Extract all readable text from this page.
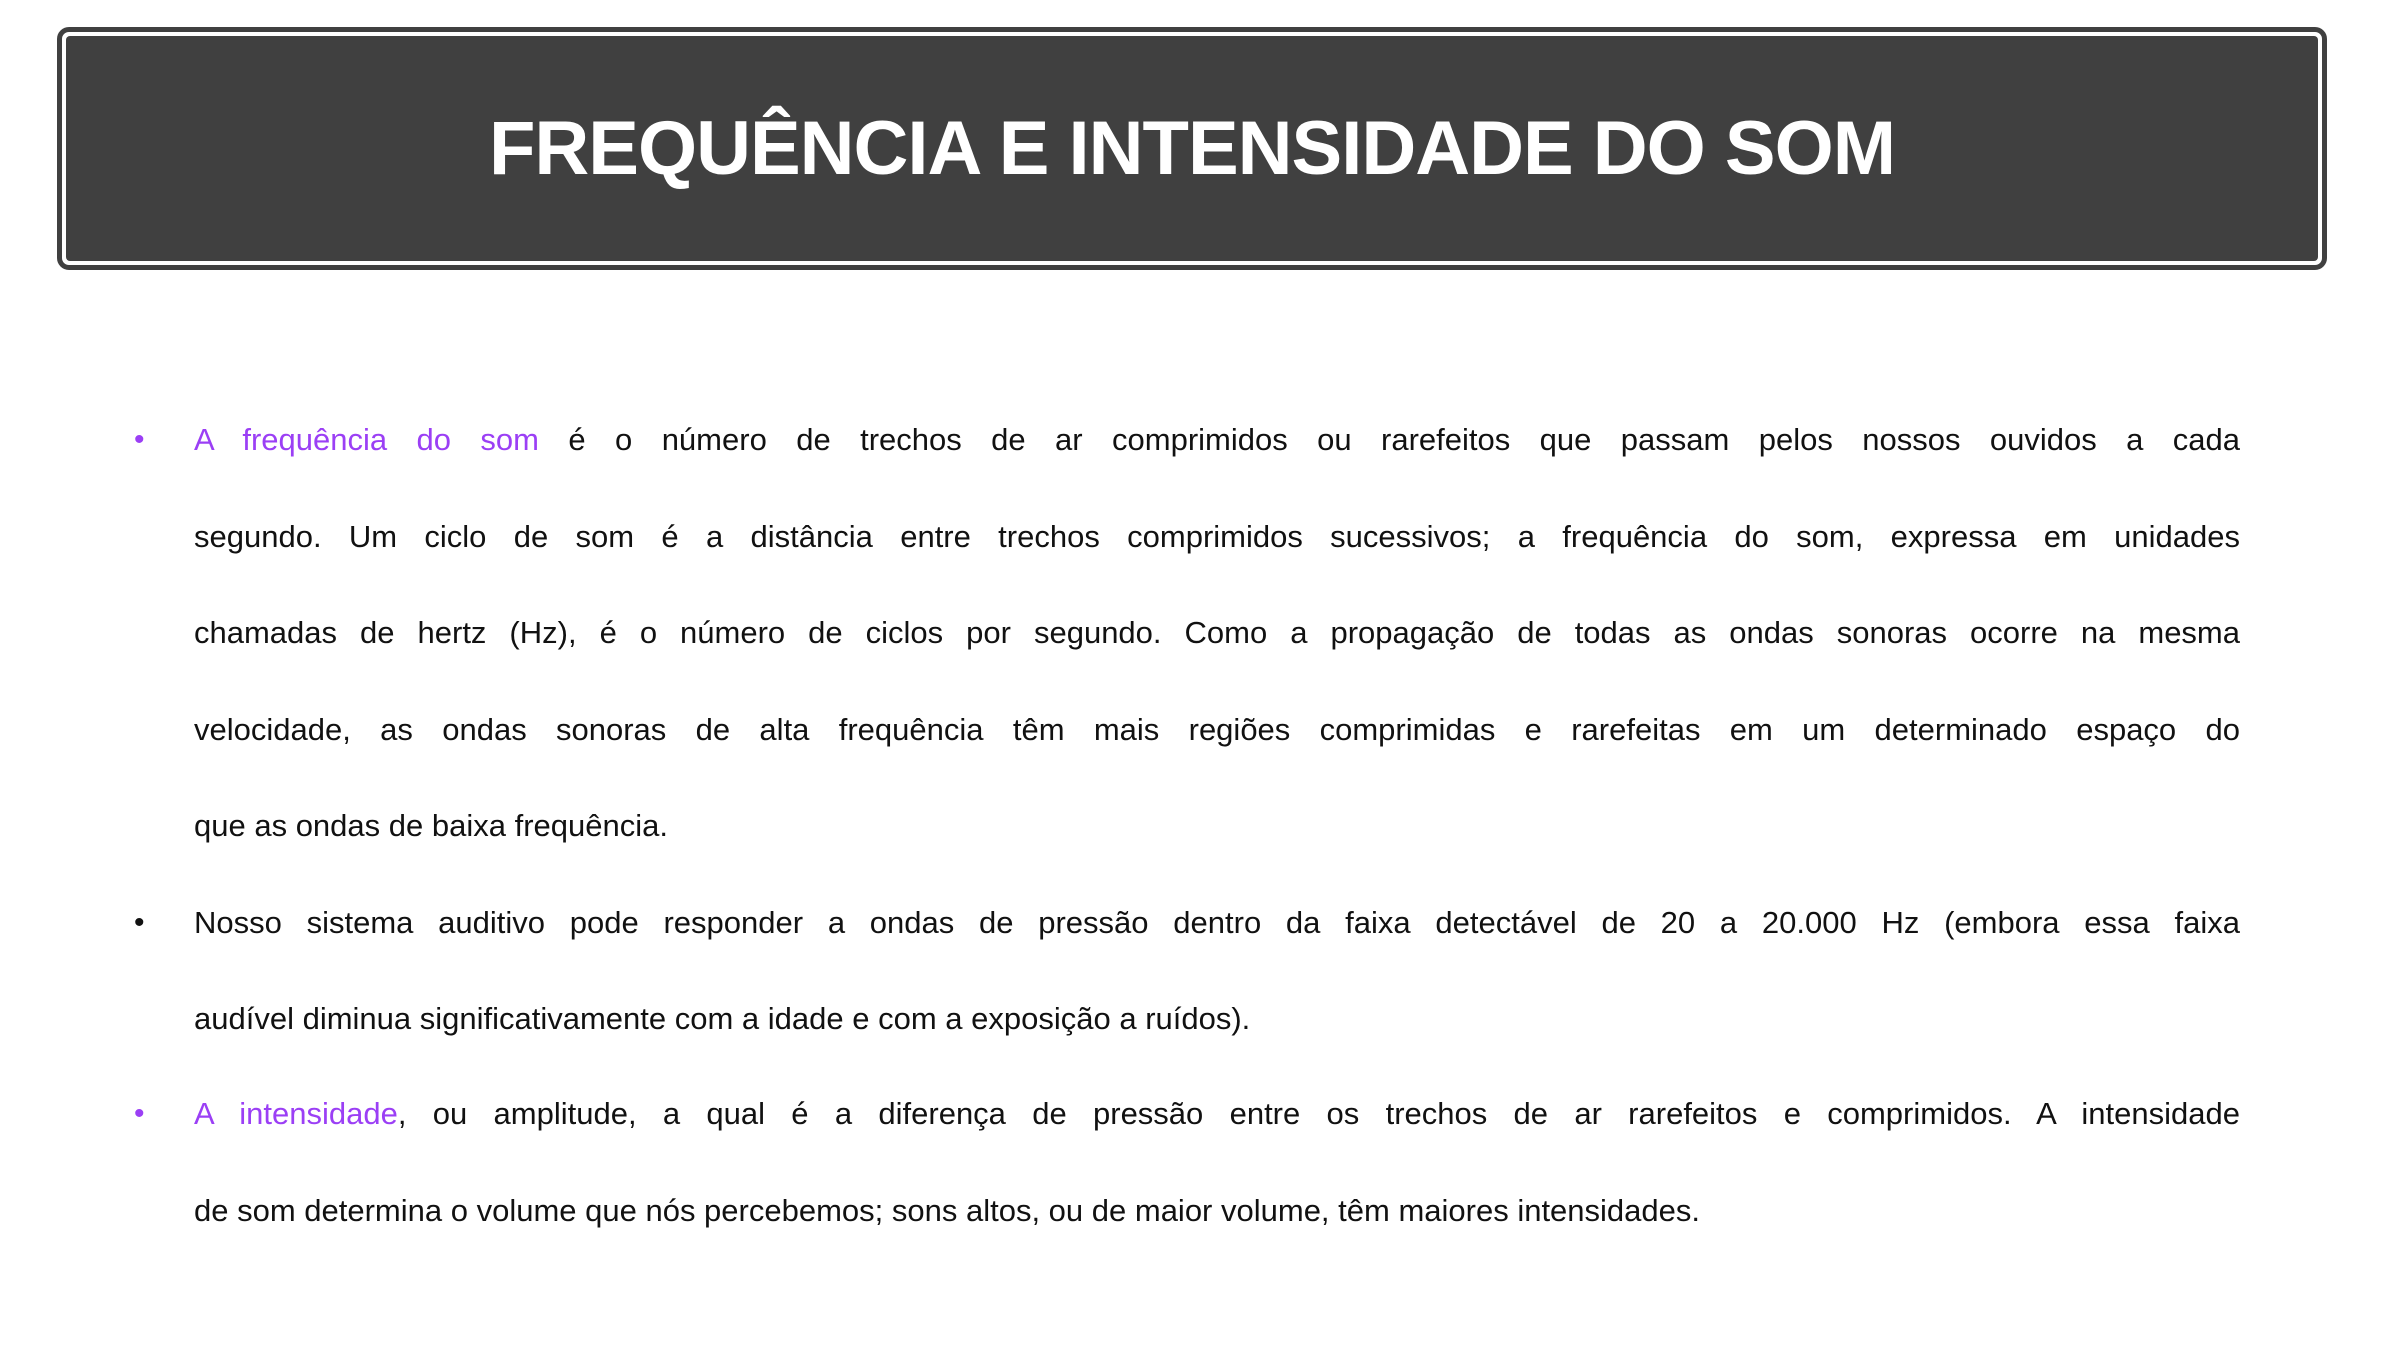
FREQUÊNCIA E INTENSIDADE DO SOM
• A frequência do som é o número de trechos de ar comprimidos ou rarefeitos que passam pelos nossos ouvidos a cada
segundo. Um ciclo de som é a distância entre trechos comprimidos sucessivos; a frequência do som, expressa em unidades
chamadas de hertz (Hz), é o número de ciclos por segundo. Como a propagação de todas as ondas sonoras ocorre na mesma
velocidade, as ondas sonoras de alta frequência têm mais regiões comprimidas e rarefeitas em um determinado espaço do
que as ondas de baixa frequência.
• Nosso sistema auditivo pode responder a ondas de pressão dentro da faixa detectável de 20 a 20.000 Hz (embora essa faixa
audível diminua significativamente com a idade e com a exposição a ruídos).
• A intensidade, ou amplitude, a qual é a diferença de pressão entre os trechos de ar rarefeitos e comprimidos. A intensidade
de som determina o volume que nós percebemos; sons altos, ou de maior volume, têm maiores intensidades.
